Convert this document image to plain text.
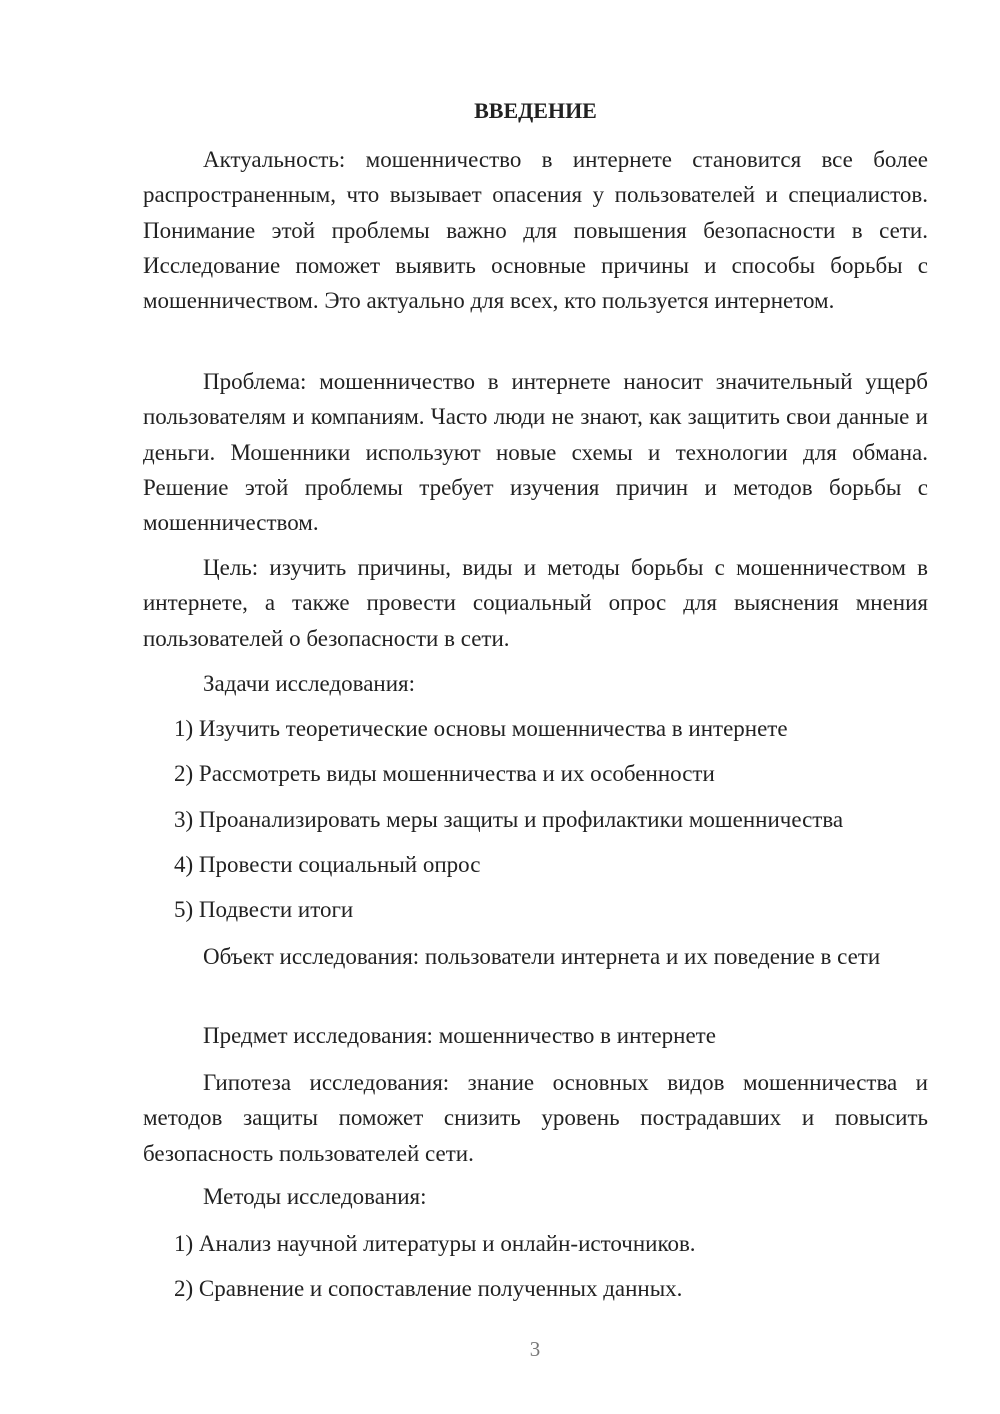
ВВЕДЕНИЕ

Актуальность: мошенничество в интернете становится все более распространенным, что вызывает опасения у пользователей и специалистов. Понимание этой проблемы важно для повышения безопасности в сети. Исследование поможет выявить основные причины и способы борьбы с мошенничеством. Это актуально для всех, кто пользуется интернетом.

Проблема: мошенничество в интернете наносит значительный ущерб пользователям и компаниям. Часто люди не знают, как защитить свои данные и деньги. Мошенники используют новые схемы и технологии для обмана. Решение этой проблемы требует изучения причин и методов борьбы с мошенничеством.

Цель: изучить причины, виды и методы борьбы с мошенничеством в интернете, а также провести социальный опрос для выяснения мнения пользователей о безопасности в сети.

Задачи исследования:

1) Изучить теоретические основы мошенничества в интернете

2) Рассмотреть виды мошенничества и их особенности

3) Проанализировать меры защиты и профилактики мошенничества

4) Провести социальный опрос

5) Подвести итоги

Объект исследования: пользователи интернета и их поведение в сети

Предмет исследования: мошенничество в интернете

Гипотеза исследования: знание основных видов мошенничества и методов защиты поможет снизить уровень пострадавших и повысить безопасность пользователей сети.

Методы исследования:

1) Анализ научной литературы и онлайн-источников.

2) Сравнение и сопоставление полученных данных.

3
